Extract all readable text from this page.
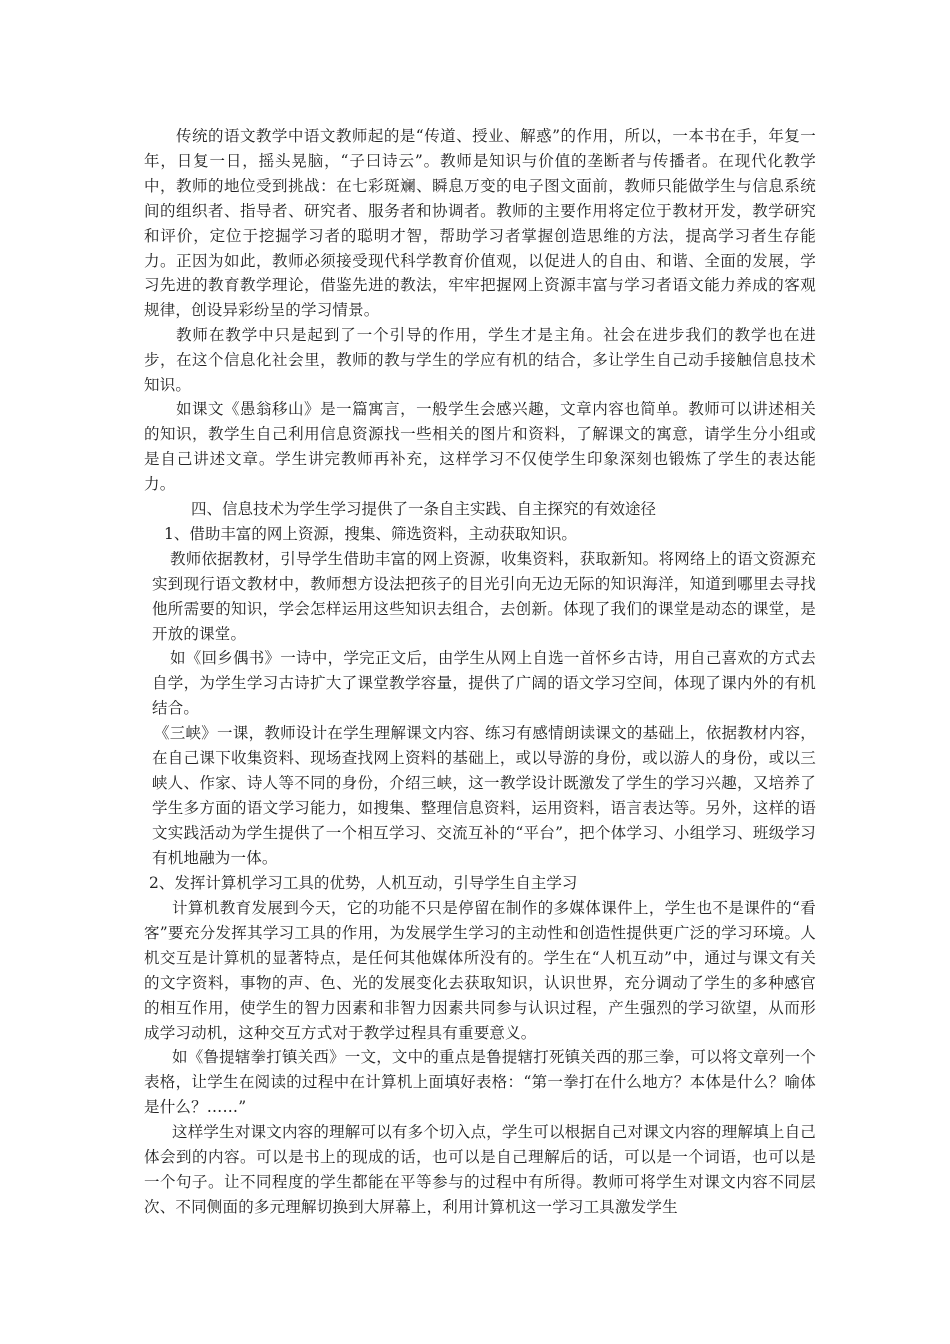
传统的语文教学中语文教师起的是“传道、授业、解惑”的作用，所以，一本书在手，年复一年，日复一日，摇头晃脑，“子曰诗云”。教师是知识与价值的垄断者与传播者。在现代化教学中，教师的地位受到挑战：在七彩斑斓、瞬息万变的电子图文面前，教师只能做学生与信息系统间的组织者、指导者、研究者、服务者和协调者。教师的主要作用将定位于教材开发，教学研究和评价，定位于挖掘学习者的聪明才智，帮助学习者掌握创造思维的方法，提高学习者生存能力。正因为如此，教师必须接受现代科学教育价值观，以促进人的自由、和谐、全面的发展，学习先进的教育教学理论，借鉴先进的教法，牢牢把握网上资源丰富与学习者语文能力养成的客观规律，创设异彩纷呈的学习情景。

教师在教学中只是起到了一个引导的作用，学生才是主角。社会在进步我们的教学也在进步，在这个信息化社会里，教师的教与学生的学应有机的结合，多让学生自己动手接触信息技术知识。

如课文《愚翁移山》是一篇寓言，一般学生会感兴趣，文章内容也简单。教师可以讲述相关的知识，教学生自己利用信息资源找一些相关的图片和资料，了解课文的寓意，请学生分小组或是自己讲述文章。学生讲完教师再补充，这样学习不仅使学生印象深刻也锻炼了学生的表达能力。

四、信息技术为学生学习提供了一条自主实践、自主探究的有效途径

1、借助丰富的网上资源，搜集、筛选资料，主动获取知识。

教师依据教材，引导学生借助丰富的网上资源，收集资料，获取新知。将网络上的语文资源充实到现行语文教材中，教师想方设法把孩子的目光引向无边无际的知识海洋，知道到哪里去寻找他所需要的知识，学会怎样运用这些知识去组合，去创新。体现了我们的课堂是动态的课堂，是开放的课堂。

如《回乡偶书》一诗中，学完正文后，由学生从网上自选一首怀乡古诗，用自己喜欢的方式去自学，为学生学习古诗扩大了课堂教学容量，提供了广阔的语文学习空间，体现了课内外的有机结合。

《三峡》一课，教师设计在学生理解课文内容、练习有感情朗读课文的基础上，依据教材内容，在自己课下收集资料、现场查找网上资料的基础上，或以导游的身份，或以游人的身份，或以三峡人、作家、诗人等不同的身份，介绍三峡，这一教学设计既激发了学生的学习兴趣，又培养了学生多方面的语文学习能力，如搜集、整理信息资料，运用资料，语言表达等。另外，这样的语文实践活动为学生提供了一个相互学习、交流互补的“平台”，把个体学习、小组学习、班级学习有机地融为一体。

2、发挥计算机学习工具的优势，人机互动，引导学生自主学习

计算机教育发展到今天，它的功能不只是停留在制作的多媒体课件上，学生也不是课件的“看客”要充分发挥其学习工具的作用，为发展学生学习的主动性和创造性提供更广泛的学习环境。人机交互是计算机的显著特点，是任何其他媒体所没有的。学生在“人机互动”中，通过与课文有关的文字资料，事物的声、色、光的发展变化去获取知识，认识世界，充分调动了学生的多种感官的相互作用，使学生的智力因素和非智力因素共同参与认识过程，产生强烈的学习欲望，从而形成学习动机，这种交互方式对于教学过程具有重要意义。

如《鲁提辖拳打镇关西》一文，文中的重点是鲁提辖打死镇关西的那三拳，可以将文章列一个表格，让学生在阅读的过程中在计算机上面填好表格：“第一拳打在什么地方？本体是什么？喻体是什么？……”

这样学生对课文内容的理解可以有多个切入点，学生可以根据自己对课文内容的理解填上自己体会到的内容。可以是书上的现成的话，也可以是自己理解后的话，可以是一个词语，也可以是一个句子。让不同程度的学生都能在平等参与的过程中有所得。教师可将学生对课文内容不同层次、不同侧面的多元理解切换到大屏幕上，利用计算机这一学习工具激发学生
